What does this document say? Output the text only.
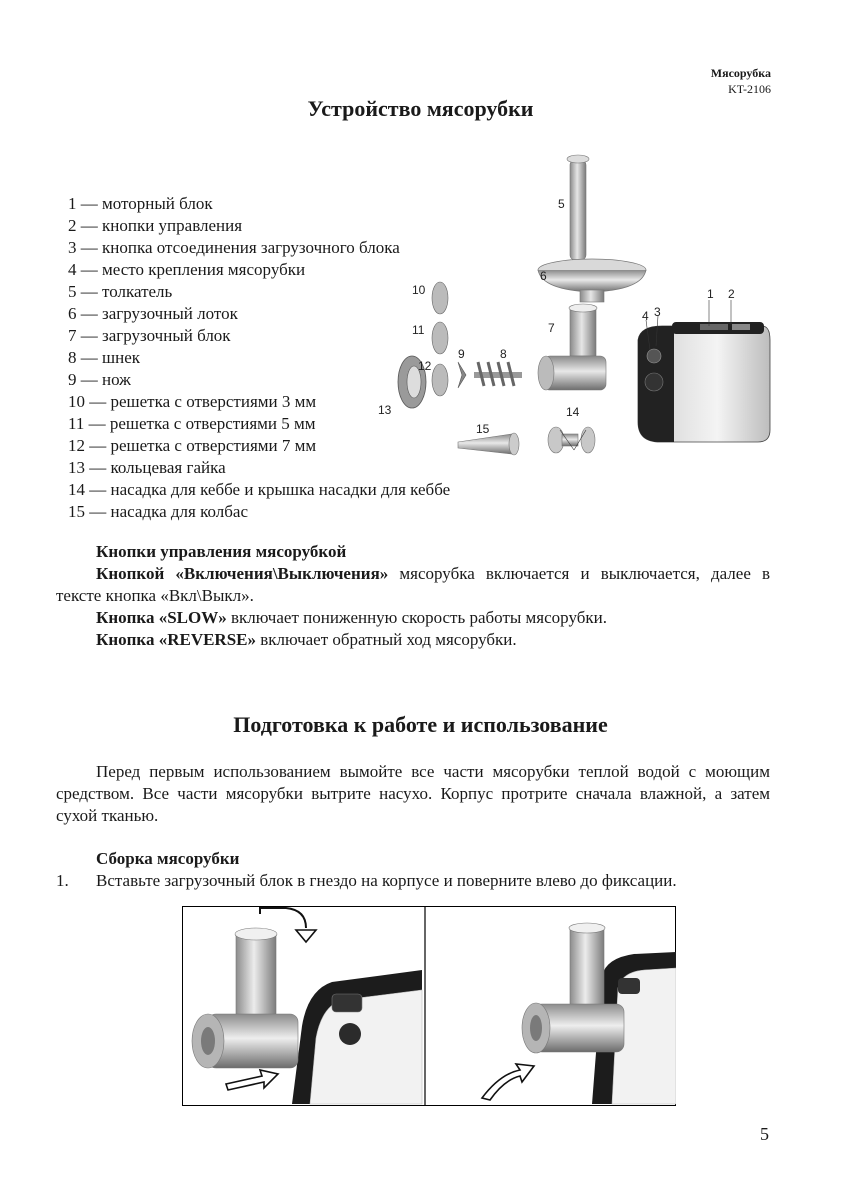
Мясорубка
KT-2106
Устройство мясорубки
1 — моторный блок
2 — кнопки управления
3 — кнопка отсоединения загрузочного блока
4 — место крепления мясорубки
5 — толкатель
6 — загрузочный лоток
7 — загрузочный блок
8 — шнек
9 — нож
10 — решетка с отверстиями 3 мм
11 — решетка с отверстиями 5 мм
12 — решетка с отверстиями 7 мм
13 — кольцевая гайка
14 — насадка для кеббе и крышка насадки для кеббе
15 — насадка для колбас
1 2
3
4
5
6
7
8
9
10
11
12
13	14
15
Кнопки управления мясорубкой
Кнопкой «Включения\Выключения» мясорубка включается и выключается, далее в тексте кнопка «Вкл\Выкл».
Кнопка «SLOW» включает пониженную скорость работы мясорубки.
Кнопка «REVERSE» включает обратный ход мясорубки.
Подготовка к работе и использование
Перед первым использованием вымойте все части мясорубки теплой водой с моющим средством. Все части мясорубки вытрите насухо. Корпус протрите сначала влажной, а затем сухой тканью.
Сборка мясорубки
1.	Вставьте загрузочный блок в гнездо на корпусе и поверните влево до фиксации.
5
